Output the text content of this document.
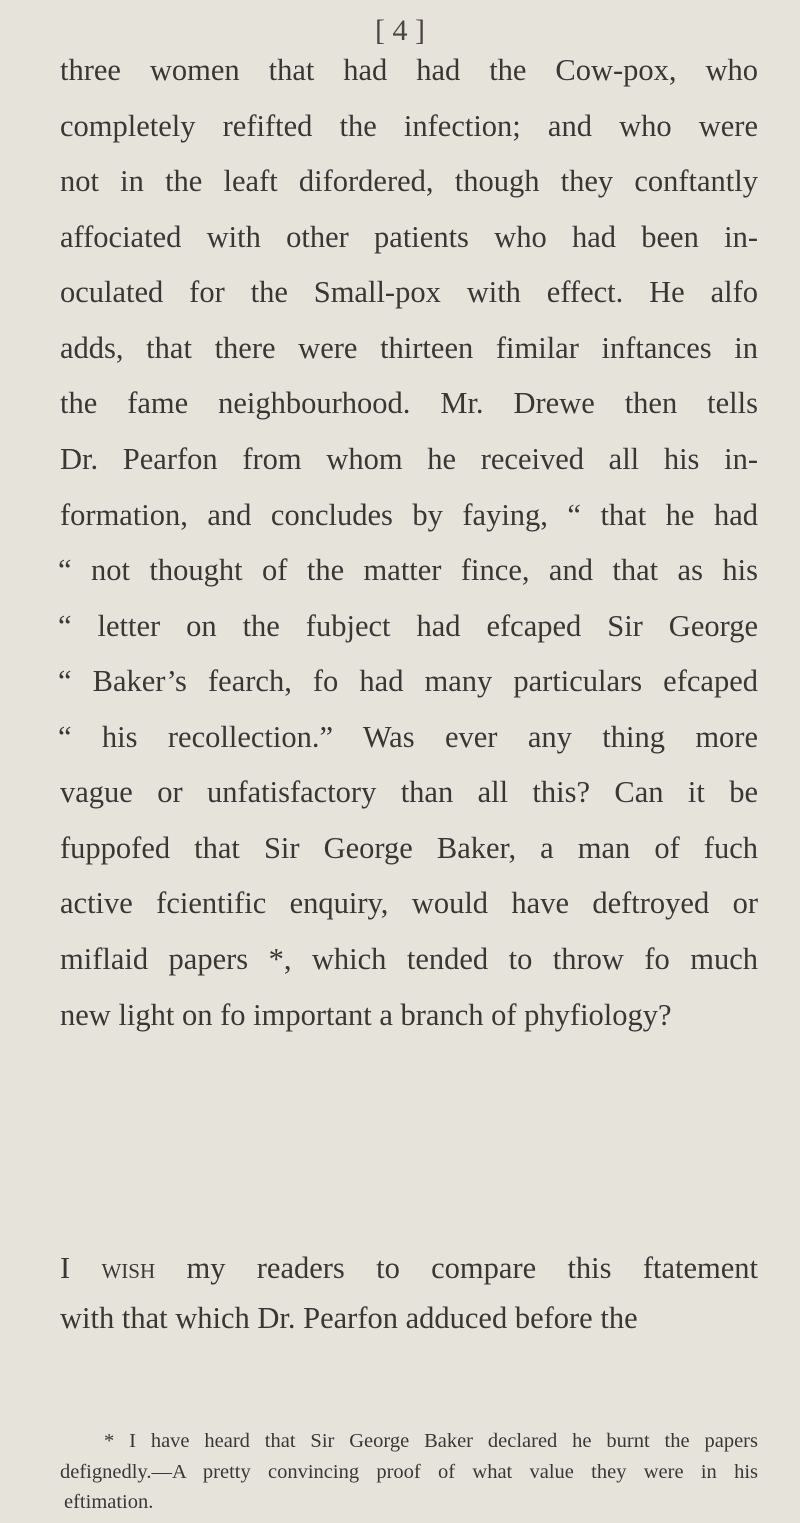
[ 4 ]

three women that had had the Cow-pox, who

completely refifted the infection; and who were

not in the leaft difordered, though they conftantly

affociated with other patients who had been in-

oculated for the Small-pox with effect. He alfo

adds, that there were thirteen fimilar inftances in

the fame neighbourhood. Mr. Drewe then tells

Dr. Pearfon from whom he received all his in-

formation, and concludes by faying, “ that he had

“ not thought of the matter fince, and that as his

“ letter on the fubject had efcaped Sir George

“ Baker’s fearch, fo had many particulars efcaped

“ his recollection.” Was ever any thing more

vague or unfatisfactory than all this? Can it be

fuppofed that Sir George Baker, a man of fuch

active fcientific enquiry, would have deftroyed or

miflaid papers *, which tended to throw fo much

new light on fo important a branch of phyfiology?

I wish my readers to compare this ftatement

with that which Dr. Pearfon adduced before the

* I have heard that Sir George Baker declared he burnt the papers

defignedly.—A pretty convincing proof of what value they were in his

eftimation.
